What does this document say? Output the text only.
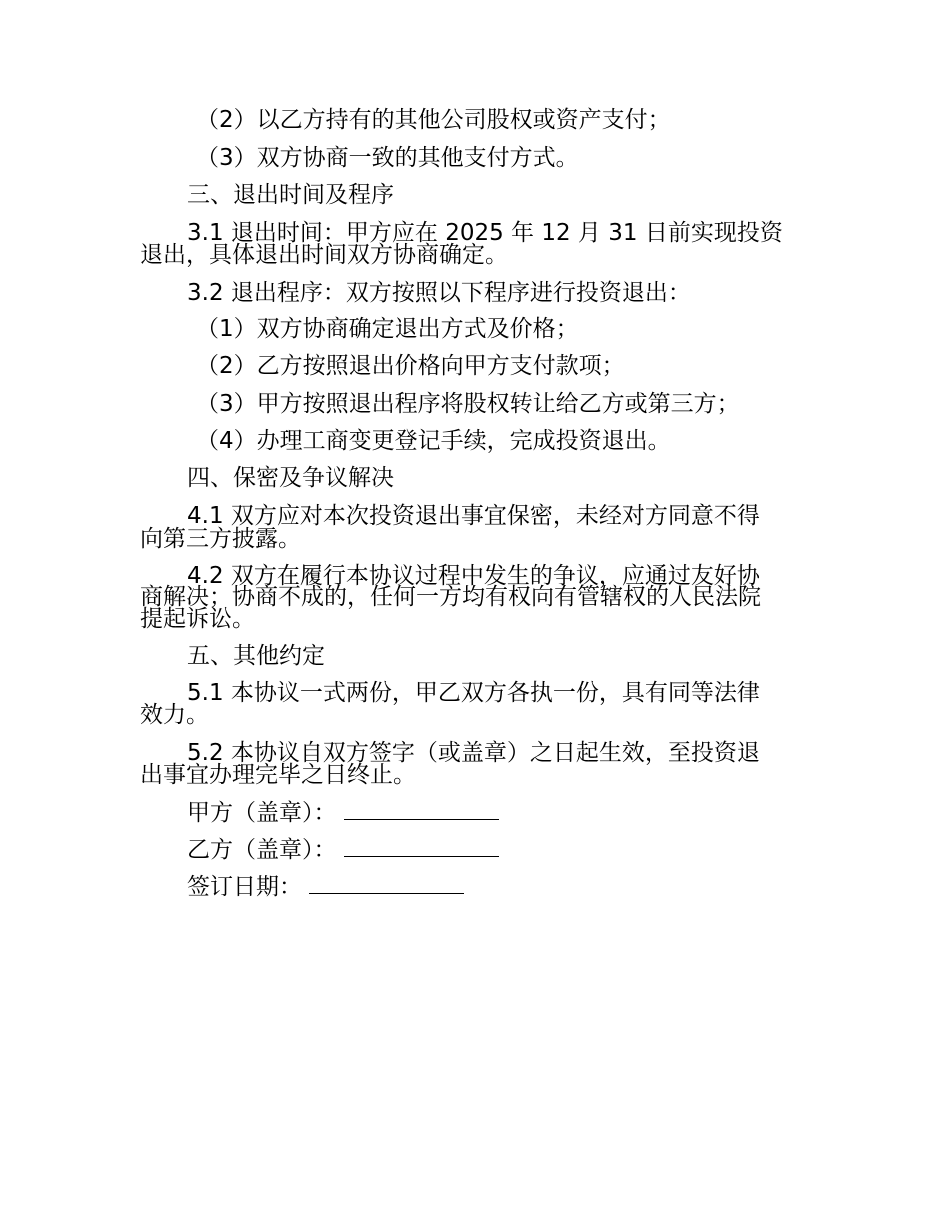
（2）以乙方持有的其他公司股权或资产支付；

（3）双方协商一致的其他支付方式。

三、退出时间及程序

3.1 退出时间：甲方应在 2025 年 12 月 31 日前实现投资

退出，具体退出时间双方协商确定。

3.2 退出程序：双方按照以下程序进行投资退出：

（1）双方协商确定退出方式及价格；

（2）乙方按照退出价格向甲方支付款项；

（3）甲方按照退出程序将股权转让给乙方或第三方；

（4）办理工商变更登记手续，完成投资退出。

四、保密及争议解决

4.1 双方应对本次投资退出事宜保密，未经对方同意不得

向第三方披露。

4.2 双方在履行本协议过程中发生的争议，应通过友好协

商解决；协商不成的，任何一方均有权向有管辖权的人民法院

提起诉讼。

五、其他约定

5.1 本协议一式两份，甲乙双方各执一份，具有同等法律

效力。

5.2 本协议自双方签字（或盖章）之日起生效，至投资退

出事宜办理完毕之日终止。

甲方（盖章）：
乙方（盖章）：
签订日期：
